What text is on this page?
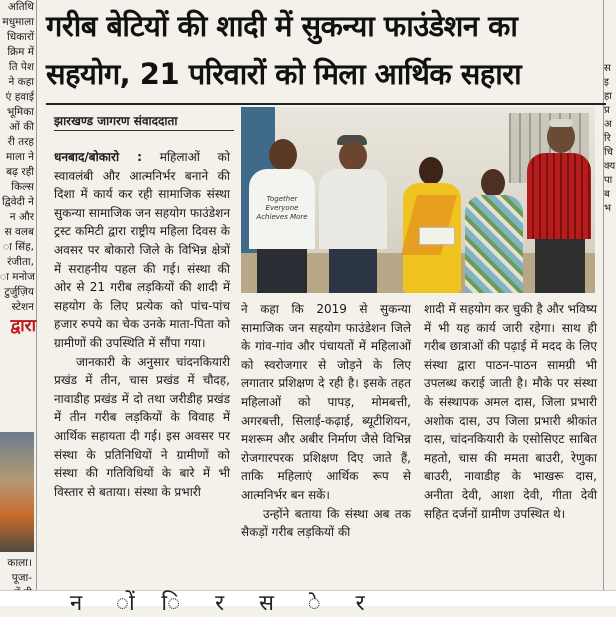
अतिथि
मधुमाला
धिकारों
क्रिम में
ति पेश
ने कहा
एं हवाई
भूमिका
ओं की
री तरह
माला ने
बढ़ रही
किल्स
द्विवेदी ने
न और
स वलब
ा सिंह,
रंजीता,
ा मनोज
टुर्जुज़िय
स्टेशन
द्वारा
काला।
पूजा-
स
इ
हा
प्र
अ
रि
चि
क्य
पा
ब
भ
गरीब बेटियों की शादी में सुकन्या फाउंडेशन का
सहयोग, 21 परिवारों को मिला आर्थिक सहारा
झारखण्ड जागरण संवाददाता

धनबाद/बोकारो : महिलाओं को स्वावलंबी और आत्मनिर्भर बनाने की दिशा में कार्य कर रही सामाजिक संस्था सुकन्या सामाजिक जन सहयोग फाउंडेशन ट्रस्ट कमिटी द्वारा राष्ट्रीय महिला दिवस के अवसर पर बोकारो जिले के विभिन्न क्षेत्रों में सराहनीय पहल की गई। संस्था की ओर से 21 गरीब लड़कियों की शादी में सहयोग के लिए प्रत्येक को पांच-पांच हजार रुपये का चेक उनके माता-पिता को ग्रामीणों की उपस्थिति में सौंपा गया।

जानकारी के अनुसार चांदनकियारी प्रखंड में तीन, चास प्रखंड में चौदह, नावाडीह प्रखंड में दो तथा जरीडीह प्रखंड में तीन गरीब लड़कियों के विवाह में आर्थिक सहायता दी गई। इस अवसर पर संस्था के प्रतिनिधियों ने ग्रामीणों को संस्था की गतिविधियों के बारे में भी विस्तार से बताया। संस्था के प्रभारी

Together Everyone Achieves More

ने कहा कि 2019 से सुकन्या सामाजिक जन सहयोग फाउंडेशन जिले के गांव-गांव और पंचायतों में महिलाओं को स्वरोजगार से जोड़ने के लिए लगातार प्रशिक्षण दे रही है। इसके तहत महिलाओं को पापड़, मोमबत्ती, अगरबत्ती, सिलाई-कढ़ाई, ब्यूटीशियन, मशरूम और अबीर निर्माण जैसे विभिन्न रोजगारपरक प्रशिक्षण दिए जाते हैं, ताकि महिलाएं आर्थिक रूप से आत्मनिर्भर बन सकें।

उन्होंने बताया कि संस्था अब तक सैकड़ों गरीब लड़कियों की

शादी में सहयोग कर चुकी है और भविष्य में भी यह कार्य जारी रहेगा। साथ ही गरीब छात्राओं की पढ़ाई में मदद के लिए संस्था द्वारा पाठन-पाठन सामग्री भी उपलब्ध कराई जाती है। मौके पर संस्था के संस्थापक अमल दास, जिला प्रभारी अशोक दास, उप जिला प्रभारी श्रीकांत दास, चांदनकियारी के एसोसिएट साबित महतो, चास की ममता बाउरी, रेणुका बाउरी, नावाडीह के भाखरू दास, अनीता देवी, आशा देवी, गीता देवी सहित दर्जनों ग्रामीण उपस्थित थे।

न     ों    ि     र     स     े     र
